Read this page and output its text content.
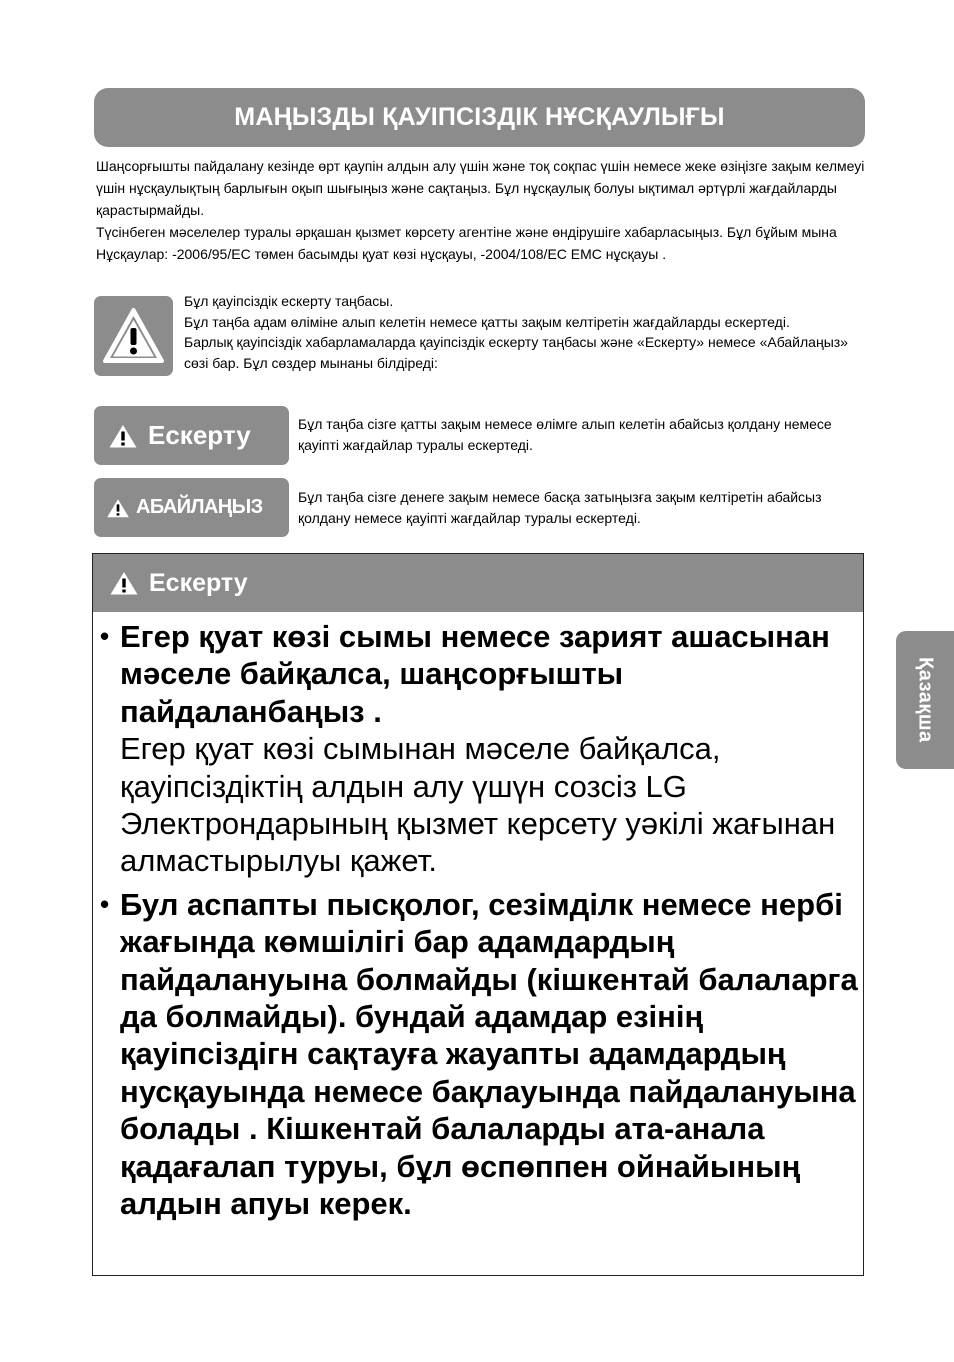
МАҢЫЗДЫ ҚАУІПСІЗДІК НҰСҚАУЛЫҒЫ

Шаңсорғышты пайдалану кезінде өрт қаупін алдын алу үшін және тоқ соқпас үшін немесе жеке өзіңізге зақым келмеуі үшін нұсқаулықтың барлығын оқып шығыңыз және сақтаңыз. Бұл нұсқаулық болуы ықтимал әртүрлі жағдайларды қарастырмайды.

Түсінбеген мәселелер туралы әрқашан қызмет көрсету агентіне және өндірушіге хабарласыңыз. Бұл бұйым мына Нұсқаулар: -2006/95/EC төмен басымды қуат көзі нұсқауы, -2004/108/EC EMC нұсқауы .

Бұл қауіпсіздік ескерту таңбасы.

Бұл таңба адам өліміне алып келетін немесе қатты зақым келтіретін жағдайларды ескертеді.

Барлық қауіпсіздік хабарламаларда қауіпсіздік ескерту таңбасы және «Ескерту» немесе «Абайлаңыз» сөзі бар. Бұл сөздер мынаны білдіреді:

Ескерту	Бұл таңба сізге қатты зақым немесе өлімге алып келетін абайсыз қолдану немесе қауіпті жағдайлар туралы ескертеді.
АБАЙЛАҢЫЗ	Бұл таңба сізге денеге зақым немесе басқа затыңызға зақым келтіретін абайсыз қолдану немесе қауіпті жағдайлар туралы ескертеді.
Ескерту
• Егер қуат көзі сымы немесе зарият ашасынан мәселе байқалса, шаңсорғышты пайдаланбаңыз .
Егер қуат көзі сымынан мәселе байқалса, қауіпсіздіктің алдын алу үшүн созсіз LG Электрондарының қызмет керсету уәкілі жағынан алмастырылуы қажет.
• Бул аспапты пысқолог, сезімділк немесе нербі жағында көмшілігі бар адамдардың пайдалануына болмайды (кішкентай балаларга да болмайды). бундай адамдар езінің қауіпсіздігн сақтауға жауапты адамдардың нусқауында немесе бақлауында пайдалануына болады . Кішкентай балаларды ата-анала қадағалап туруы, бұл өспөппен ойнайының алдын апуы керек.
Қазақша
